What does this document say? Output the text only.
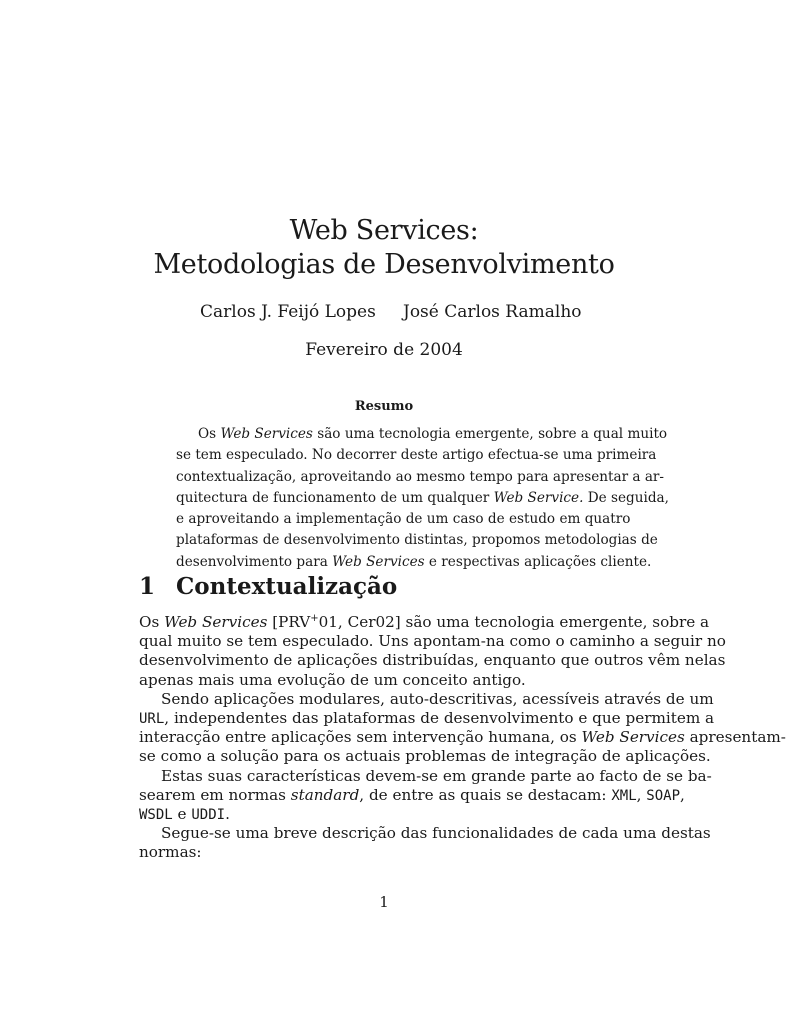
Web Services:
Metodologias de Desenvolvimento
Carlos J. Feijó Lopes José Carlos Ramalho
Fevereiro de 2004
Resumo
Os Web Services são uma tecnologia emergente, sobre a qual muito
se tem especulado. No decorrer deste artigo efectua-se uma primeira
contextualização, aproveitando ao mesmo tempo para apresentar a ar-
quitectura de funcionamento de um qualquer Web Service. De seguida,
e aproveitando a implementação de um caso de estudo em quatro
plataformas de desenvolvimento distintas, propomos metodologias de
desenvolvimento para Web Services e respectivas aplicações cliente.
1 Contextualização
Os Web Services [PRV+01, Cer02] são uma tecnologia emergente, sobre a
qual muito se tem especulado. Uns apontam-na como o caminho a seguir no
desenvolvimento de aplicações distribuídas, enquanto que outros vêm nelas
apenas mais uma evolução de um conceito antigo.
Sendo aplicações modulares, auto-descritivas, acessíveis através de um
URL, independentes das plataformas de desenvolvimento e que permitem a
interacção entre aplicações sem intervenção humana, os Web Services apresentam-
se como a solução para os actuais problemas de integração de aplicações.
Estas suas características devem-se em grande parte ao facto de se ba-
searem em normas standard, de entre as quais se destacam: XML, SOAP,
WSDL e UDDI.
Segue-se uma breve descrição das funcionalidades de cada uma destas
normas:
1
